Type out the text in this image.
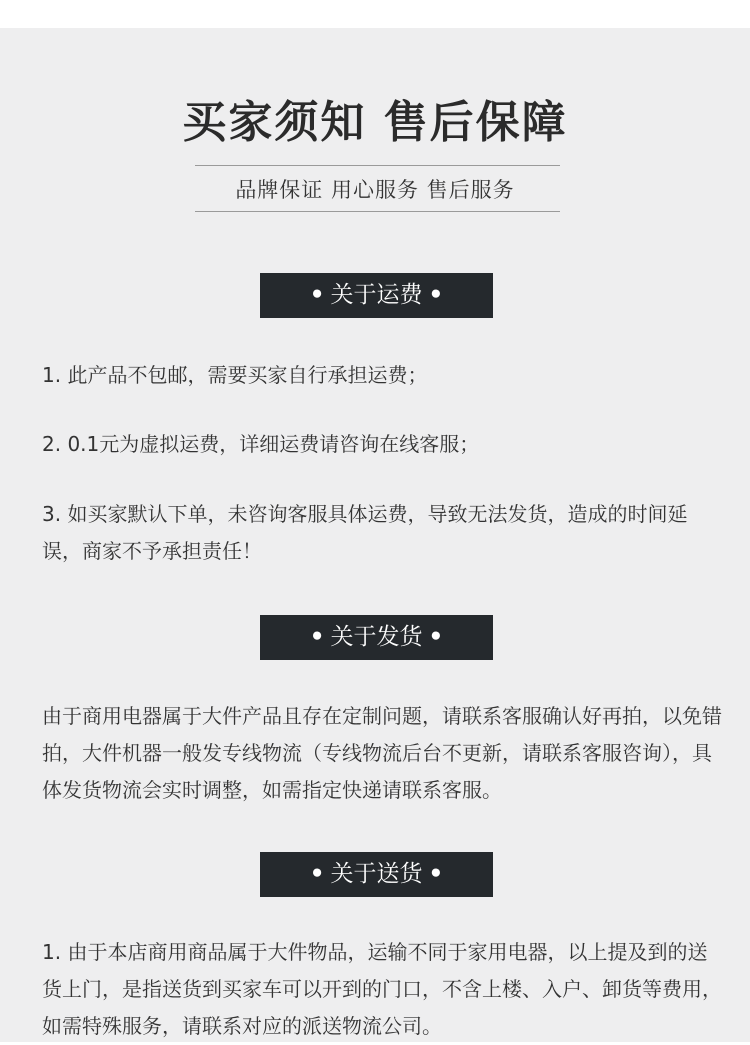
买家须知 售后保障
品牌保证 用心服务 售后服务
• 关于运费 •

1. 此产品不包邮，需要买家自行承担运费；

2. 0.1元为虚拟运费，详细运费请咨询在线客服；

3. 如买家默认下单，未咨询客服具体运费，导致无法发货，造成的时间延误，商家不予承担责任！

• 关于发货 •

由于商用电器属于大件产品且存在定制问题，请联系客服确认好再拍，以免错拍，大件机器一般发专线物流（专线物流后台不更新，请联系客服咨询），具体发货物流会实时调整，如需指定快递请联系客服。

• 关于送货 •

1. 由于本店商用商品属于大件物品，运输不同于家用电器，以上提及到的送货上门，是指送货到买家车可以开到的门口，不含上楼、入户、卸货等费用，如需特殊服务，请联系对应的派送物流公司。
